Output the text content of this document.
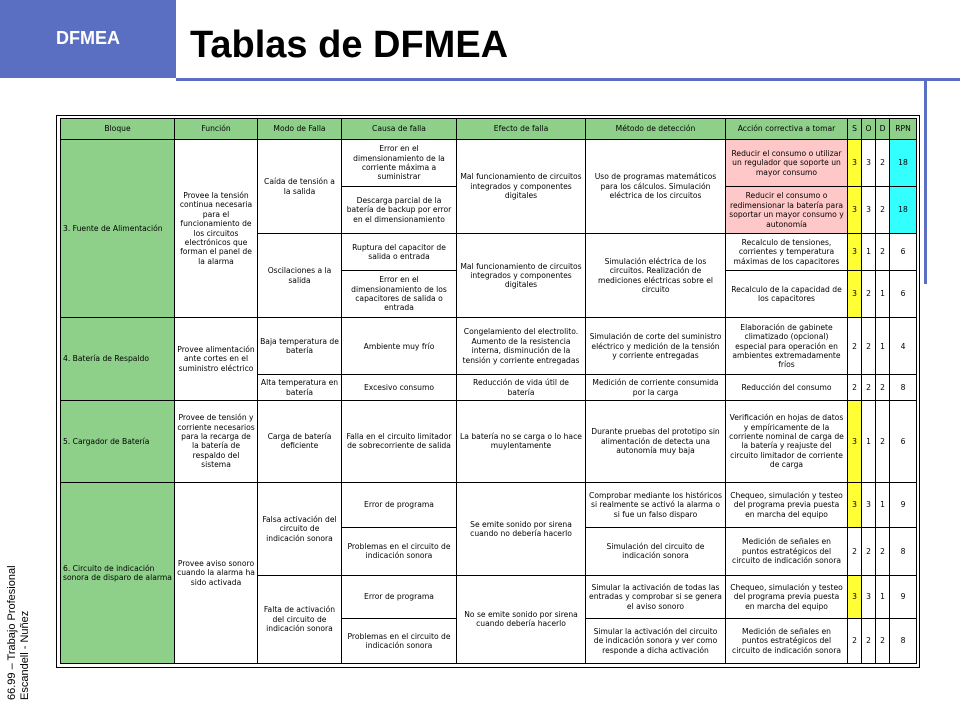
DFMEA Tablas de DFMEA
66.99 – Trabajo Profesional Escandell - Nuñez
Bloque	Función	Modo de Falla	Causa de falla	Efecto de falla	Método de detección	Acción correctiva a tomar	S	O	D	RPN
3. Fuente de Alimentación	Provee la tensión continua necesaria para el funcionamiento de los circuitos electrónicos que forman el panel de la alarma	Caída de tensión a la salida	Error en el dimensionamiento de la corriente máxima a suministrar	Mal funcionamiento de circuitos integrados y componentes digitales	Uso de programas matemáticos para los cálculos. Simulación eléctrica de los circuitos	Reducir el consumo o utilizar un regulador que soporte un mayor consumo	3	3	2	18
			Descarga parcial de la batería de backup por error en el dimensionamiento			Reducir el consumo o redimensionar la batería para soportar un mayor consumo y autonomía	3	3	2	18
		Oscilaciones a la salida	Ruptura del capacitor de salida o entrada	Mal funcionamiento de circuitos integrados y componentes digitales	Simulación eléctrica de los circuitos. Realización de mediciones eléctricas sobre el circuito	Recalculo de tensiones, corrientes y temperatura máximas de los capacitores	3	1	2	6
			Error en el dimensionamiento de los capacitores de salida o entrada			Recalculo de la capacidad de los capacitores	3	2	1	6
4. Batería de Respaldo	Provee alimentación ante cortes en el suministro eléctrico	Baja temperatura de batería	Ambiente muy frío	Congelamiento del electrolito. Aumento de la resistencia interna, disminución de la tensión y corriente entregadas	Simulación de corte del suministro eléctrico y medición de la tensión y corriente entregadas	Elaboración de gabinete climatizado (opcional) especial para operación en ambientes extremadamente fríos	2	2	1	4
		Alta temperatura en batería	Excesivo consumo	Reducción de vida útil de batería	Medición de corriente consumida por la carga	Reducción del consumo	2	2	2	8
5. Cargador de Batería	Provee de tensión y corriente necesarios para la recarga de la batería de respaldo del sistema	Carga de batería deficiente	Falla en el circuito limitador de sobrecorriente de salida	La batería no se carga o lo hace muylentamente	Durante pruebas del prototipo sin alimentación de detecta una autonomía muy baja	Verificación en hojas de datos y empíricamente de la corriente nominal de carga de la batería y reajuste del circuito limitador de corriente de carga	3	1	2	6
6. Circuito de indicación sonora de disparo de alarma	Provee aviso sonoro cuando la alarma ha sido activada	Falsa activación del circuito de indicación sonora	Error de programa	Se emite sonido por sirena cuando no debería hacerlo	Comprobar mediante los históricos si realmente se activó la alarma o si fue un falso disparo	Chequeo, simulación y testeo del programa previa puesta en marcha del equipo	3	3	1	9
			Problemas en el circuito de indicación sonora		Simulación del circuito de indicación sonora	Medición de señales en puntos estratégicos del circuito de indicación sonora	2	2	2	8
		Falta de activación del circuito de indicación sonora	Error de programa	No se emite sonido por sirena cuando debería hacerlo	Simular la activación de todas las entradas y comprobar si se genera el aviso sonoro	Chequeo, simulación y testeo del programa previa puesta en marcha del equipo	3	3	1	9
			Problemas en el circuito de indicación sonora		Simular la activación del circuito de indicación sonora y ver como responde a dicha activación	Medición de señales en puntos estratégicos del circuito de indicación sonora	2	2	2	8
